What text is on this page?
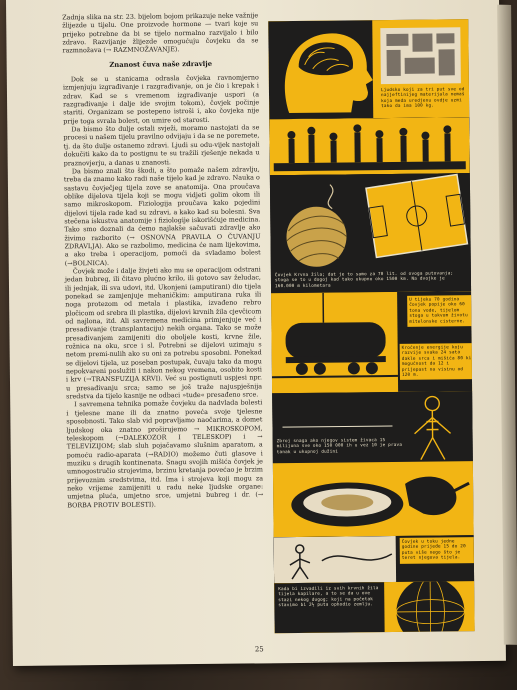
Zadnja slika na str. 23. bijelom bojom prikazuje neke važnije žlijezde u tijelu. One proizvode hormone — tvari koje su prijeko potrebne da bi se tijelo normalno razvijalo i bilo zdravo. Razvijanje žlijezde omogućuju čovjeku da se razmnožava (→ RAZMNOŽAVANJE).

Znanost čuva naše zdravlje

Dok se u stanicama odrasla čovjeka ravnomjerno izmjenjuju izgrađivanje i razgrađivanje, on je čio i krepak i zdrav. Kad se s vremenom izgrađivanje uspori (a razgrađivanje i dalje ide svojim tokom), čovjek počinje stariti. Organizam se postepeno istroši i, ako čovjeka nije prije toga svrala bolest, on umire od starosti.

Da bismo što dulje ostali svježi, moramo nastojati da se procesi u našem tijelu pravilno odvijaju i da se ne poremete, tj. da što dulje ostanemo zdravi. Ljudi su odu-vijek nastojali dokučiti kako da to postignu te su tražili rješenje nekada u praznovjerju, a danas u znanosti.

Da bismo znali što škodi, a što pomaže našem zdravlju, treba da znamo kako radi naše tijelo kad je zdravo. Nauka o sastavu čovječjeg tijela zove se anatomija. Ona proučava oblike dijelova tijela koji se mogu vidjeti golim okom ili samo mikroskopom. Fiziologija proučava kako pojedini dijelovi tijela rade kad su zdravi, a kako kad su bolesni. Sva stečena iskustva anatomije i fiziologije iskorišćuje medicina. Tako smo doznali da ćemo najlakše sačuvati zdravlje ako živimo razborito (→ OSNOVNA PRAVILA O ČUVANJU ZDRAVLJA). Ako se razbolimo, medicina će nam lijekovima, a ako treba i operacijom, pomoći da svladamo bolest (→BOLNICA).

Čovjek može i dalje živjeti ako mu se operacijom odstrani jedan bubreg, ili čitavo plućno krilo, ili gotovo sav želudac, ili jednjak, ili sva udovi, itd. Ukonjeni (amputirani) dio tijela ponekad se zamjenjuje mehaničkim: amputirana ruka ili noga protezom od metala i plastika, izvađeno rebro pločicom od srebra ili plastika, dijelovi krvnih žila cjevčicom od najlona, itd. Ali savremena medicina primjenjuje već i presađivanje (transplantaciju) nekih organa. Tako se može presađivanjem zamijeniti dio oboljele kosti, krvne žile, rožnica na oku, srce i sl. Potrebni se dijelovi uzimaju s netom premi-nulih ako su oni za potrebu sposobni. Ponekad se dijelovi tijela, uz poseban postupak, čuvaju tako da mogu nepokvareni poslužiti i nakon nekog vremena, osobito kosti i krv (→TRANSFUZIJA KRVI). Već su postignuti uspjesi npr. u presađivanju srca; samo se još traže najuspješnija sredstva da tijelo kasnije ne odbaci »tuđe« presađeno srce.

I savremena tehnika pomaže čovjeku da nadvlada bolesti i tjelesne mane ili da znatno poveća svoje tjelesne sposobnosti. Tako slab vid popravljamo naočarima, a domet ljudskog oka znatno proširujemo → MIKROSKOPOM, teleskopom (→DALEKOZOR I TELESKOP) i → TELEVIZIJOM; slab sluh pojačavamo slušnim aparatom, a pomoću radio-aparata (→RADIO) možemo čuti glasove i muziku s drugih kontinenata. Snagu svojih mišića čovjek je umnogostručio strojevima, brzinu kretanja povećao je brzim prijevoznim sredstvima, itd. Ima i strojeva koji mogu za neko vrijeme zamijeniti u radu neke ljudske organe: umjetna pluća, umjetno srce, umjetni bubreg i dr. (→ BORBA PROTIV BOLESTI).

Ljudsko koji za tri put sve od najjeftinijeg materijala nemaš koja meda uredjenu ovdje uzmi tako da ima 100 kg.
Čovjek Krvna žila; dat je to samo za 70 lit. od ovoga putovanja; stoga se to u dogoj kad tako ukupno oko 1500 km. Na dvojke je 160.000 m kilometara
U tijeku 70 godina čovjek popije oko 60 tona vode, tijelom stoga u takvom životu mitelonske cisterne.
Kroćenje energije koju razvije svaka 24 sata dakle srca i mišića 80 ki mogućnost da 12 i prijepast na visinu od 120 m.
Zbroj snaga ako njegov sistem živaca 15 milijuna sve oko 150 000 ih u vez 10 je prava tanak u ukupnoj dužini
Čovjek u toku jedne godine prijeđe 15 do 20 puta više nego što je teret njegova tijela.
Kada bi izvadili iz svih krvnih žila tijela kapilare, a to se da u ove stazi nekog dugog; koji na početak stavimo bi 2½ puta ophodio zemlju.
25
